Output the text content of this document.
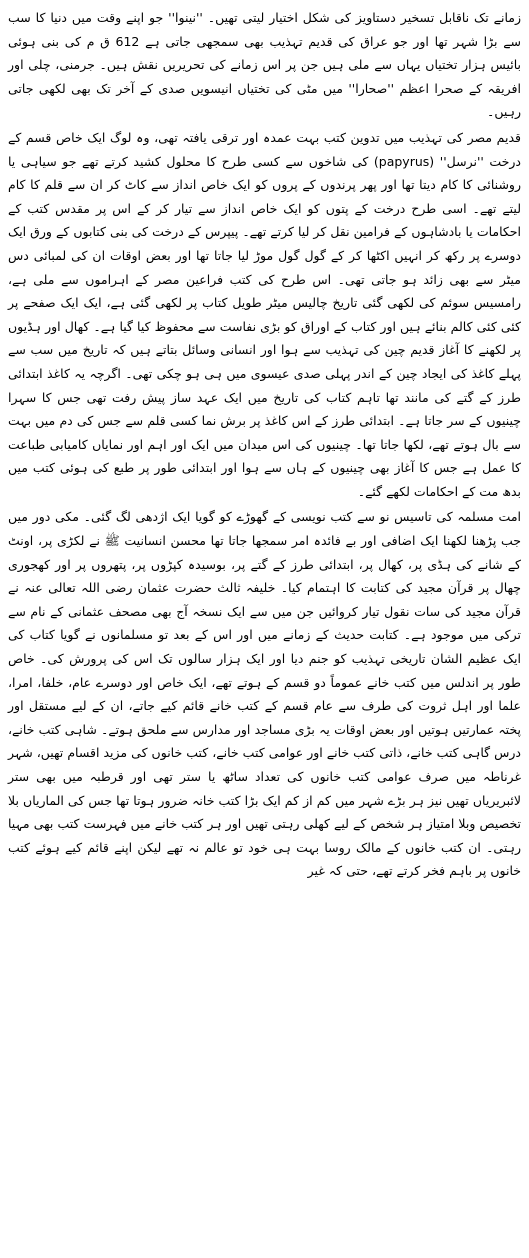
زمانے تک ناقابل تسخیر دستاویز کی شکل اختیار لیتی تھیں۔ ''نینوا'' جو اپنے وقت میں دنیا کا سب سے بڑا شہر تھا اور جو عراق کی قدیم تہذیب بھی سمجھی جاتی ہے 612 ق م کی بنی ہوئی بائیس ہزار تختیاں یہاں سے ملی ہیں جن پر اس زمانے کی تحریریں نقش ہیں۔ جرمنی، چلی اور افریقہ کے صحرا اعظم ''صحارا'' میں مٹی کی تختیاں انیسویں صدی کے آخر تک بھی لکھی جاتی رہیں۔

قدیم مصر کی تہذیب میں تدوین کتب بہت عمدہ اور ترقی یافتہ تھی، وہ لوگ ایک خاص قسم کے درخت ''نرسل'' (papyrus) کی شاخوں سے کسی طرح کا محلول کشید کرتے تھے جو سیاہی یا روشنائی کا کام دیتا تھا اور پھر پرندوں کے پروں کو ایک خاص انداز سے کاٹ کر ان سے قلم کا کام لیتے تھے۔ اسی طرح درخت کے پتوں کو ایک خاص انداز سے تیار کر کے اس پر مقدس کتب کے احکامات یا بادشاہوں کے فرامین نقل کر لیا کرتے تھے۔ پیپرس کے درخت کی بنی کتابوں کے ورق ایک دوسرے پر رکھ کر انہیں اکٹھا کر کے گول گول موڑ لیا جاتا تھا اور بعض اوقات ان کی لمبائی دس میٹر سے بھی زائد ہو جاتی تھی۔ اس طرح کی کتب فراعین مصر کے اہراموں سے ملی ہے، رامسیس سوئم کی لکھی گئی تاریخ چالیس میٹر طویل کتاب پر لکھی گئی ہے، ایک ایک صفحے پر کئی کئی کالم بنائے ہیں اور کتاب کے اوراق کو بڑی نفاست سے محفوظ کیا گیا ہے۔ کھال اور ہڈیوں پر لکھنے کا آغاز قدیم چین کی تہذیب سے ہوا اور انسانی وسائل بتاتے ہیں کہ تاریخ میں سب سے پہلے کاغذ کی ایجاد چین کے اندر پہلی صدی عیسوی میں ہی ہو چکی تھی۔ اگرچہ یہ کاغذ ابتدائی طرز کے گتے کی مانند تھا تاہم کتاب کی تاریخ میں ایک عہد ساز پیش رفت تھی جس کا سہرا چینیوں کے سر جاتا ہے۔ ابتدائی طرز کے اس کاغذ پر برش نما کسی قلم سے جس کی دم میں بہت سے بال ہوتے تھے، لکھا جاتا تھا۔ چینیوں کی اس میدان میں ایک اور اہم اور نمایاں کامیابی طباعت کا عمل ہے جس کا آغاز بھی چینیوں کے ہاں سے ہوا اور ابتدائی طور پر طبع کی ہوئی کتب میں بدھ مت کے احکامات لکھے گئے۔

امت مسلمہ کی تاسیس نو سے کتب نویسی کے گھوڑے کو گویا ایک اژدھی لگ گئی۔ مکی دور میں جب پڑھنا لکھنا ایک اضافی اور بے فائدہ امر سمجھا جاتا تھا محسن انسانیت ﷺ نے لکڑی پر، اونٹ کے شانے کی ہڈی پر، کھال پر، ابتدائی طرز کے گتے پر، بوسیدہ کپڑوں پر، پتھروں پر اور کھجوری چھال پر قرآن مجید کی کتابت کا اہتمام کیا۔ خلیفہ ثالث حضرت عثمان رضی اللہ تعالی عنہ نے قرآن مجید کی سات نقول تیار کروائیں جن میں سے ایک نسخہ آج بھی مصحف عثمانی کے نام سے ترکی میں موجود ہے۔ کتابت حدیث کے زمانے میں اور اس کے بعد تو مسلمانوں نے گویا کتاب کی ایک عظیم الشان تاریخی تہذیب کو جنم دیا اور ایک ہزار سالوں تک اس کی پرورش کی۔ خاص طور پر اندلس میں کتب خانے عموماً دو قسم کے ہوتے تھے، ایک خاص اور دوسرے عام، خلفا، امرا، علما اور اہل ثروت کی طرف سے عام قسم کے کتب خانے قائم کیے جاتے، ان کے لیے مستقل اور پختہ عمارتیں ہوتیں اور بعض اوقات یہ بڑی مساجد اور مدارس سے ملحق ہوتے۔ شاہی کتب خانے، درس گاہی کتب خانے، ذاتی کتب خانے اور عوامی کتب خانے، کتب خانوں کی مزید اقسام تھیں، شہر غرناطہ میں صرف عوامی کتب خانوں کی تعداد ساٹھ یا ستر تھی اور قرطبہ میں بھی ستر لائبریریاں تھیں نیز ہر بڑے شہر میں کم از کم ایک بڑا کتب خانہ ضرور ہوتا تھا جس کی الماریاں بلا تخصیص وبلا امتیاز ہر شخص کے لیے کھلی رہتی تھیں اور ہر کتب خانے میں فہرست کتب بھی مہیا رہتی۔ ان کتب خانوں کے مالک روسا بہت ہی خود تو عالم نہ تھے لیکن اپنے قائم کیے ہوئے کتب خانوں پر باہم فخر کرتے تھے، حتی کہ غیر
